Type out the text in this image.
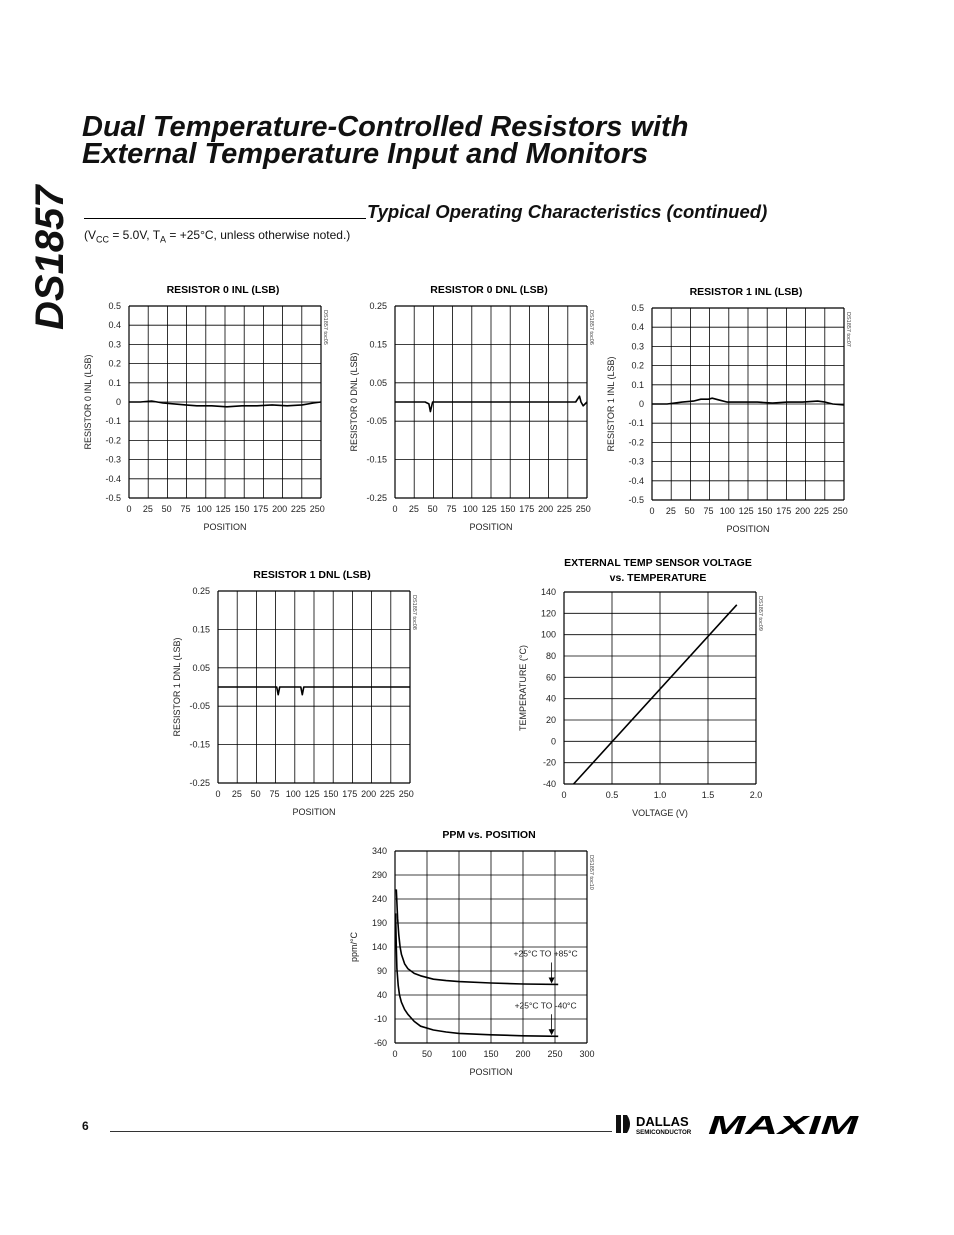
DS1857
Dual Temperature-Controlled Resistors with
External Temperature Input and Monitors
Typical Operating Characteristics (continued)
($V_{CC} = 5.0V$, $T_A = +25^\circ C$, unless otherwise noted.)
RESISTOR 0 INL (LSB)
0.5
0.4
0.3
0.2
0.1
0
-0.1
-0.2
-0.3
-0.4
-0.5
0 25 50 75 100 125 150 175 200 225 250
POSITION
RESISTOR 0 INL (LSB)
DS1857 toc05
RESISTOR 0 DNL (LSB)
0.25
0.15
0.05
-0.05
-0.15
-0.25
0 25 50 75 100 125 150 175 200 225 250
POSITION
RESISTOR 0 DNL (LSB)
DS1857 toc06
RESISTOR 1 INL (LSB)
0.5
0.4
0.3
0.2
0.1
0
-0.1
-0.2
-0.3
-0.4
-0.5
0 25 50 75 100 125 150 175 200 225 250
POSITION
RESISTOR 1 INL (LSB)
DS1857 toc07
RESISTOR 1 DNL (LSB)
0.25
0.15
0.05
-0.05
-0.15
-0.25
0 25 50 75 100 125 150 175 200 225 250
POSITION
RESISTOR 1 DNL (LSB)
DS1857 toc08
EXTERNAL TEMP SENSOR VOLTAGE
vs. TEMPERATURE
140
120
100
80
60
40
20
0
-20
-40
0	0.5	1.0	1.5	2.0
VOLTAGE (V)
TEMPERATURE (°C)
DS1857 toc09
PPM vs. POSITION
340
290
240
190
140
90
40
-10
-60
0	50 100 150 200 250 300
POSITION
ppm/°C
DS1857 toc10
+25°C TO +85°C
+25°C TO -40°C
6	DALLAS
SEMICONDUCTOR MAXIM
